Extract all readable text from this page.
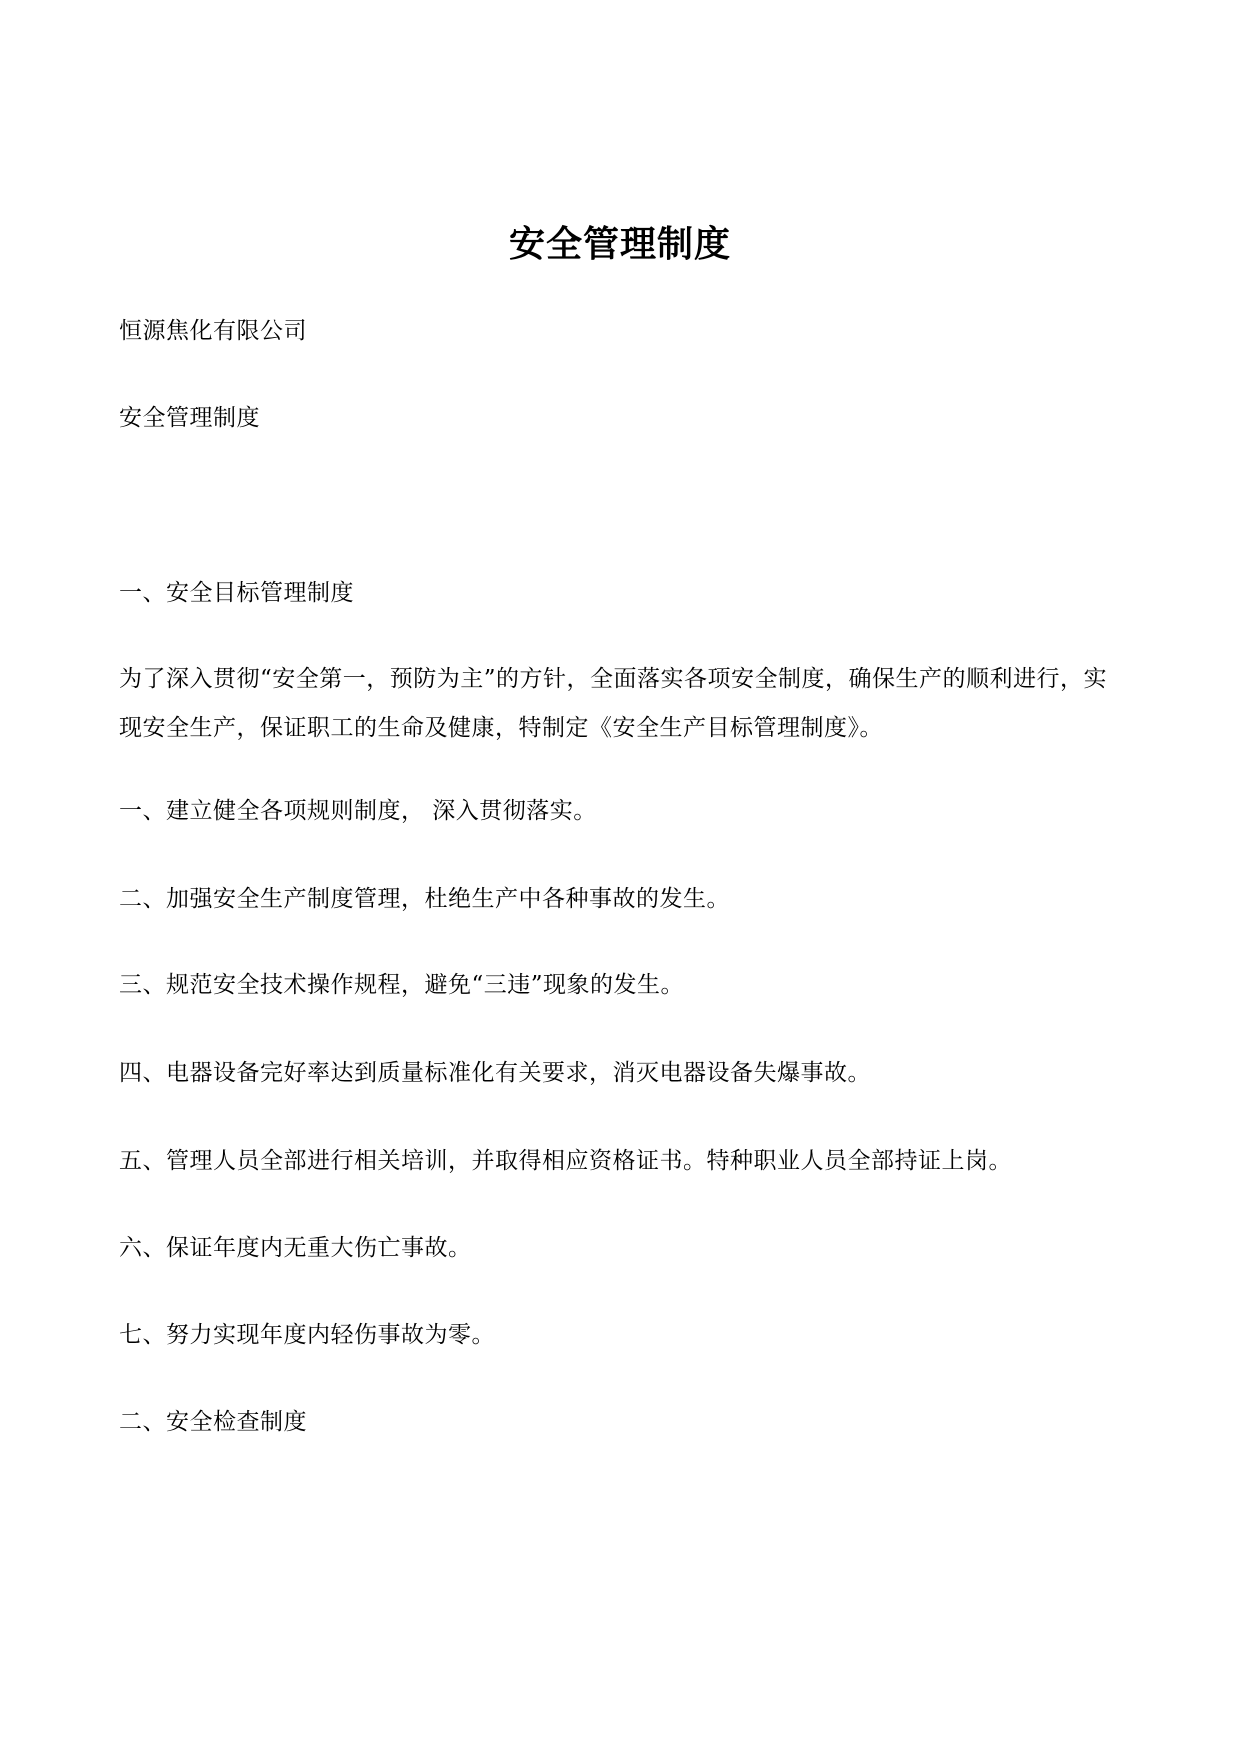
安全管理制度
恒源焦化有限公司
安全管理制度
一、安全目标管理制度
为了深入贯彻“安全第一，预防为主”的方针，全面落实各项安全制度，确保生产的顺利进行，实现安全生产，保证职工的生命及健康，特制定《安全生产目标管理制度》。
一、建立健全各项规则制度， 深入贯彻落实。
二、加强安全生产制度管理，杜绝生产中各种事故的发生。
三、规范安全技术操作规程，避免“三违”现象的发生。
四、电器设备完好率达到质量标准化有关要求，消灭电器设备失爆事故。
五、管理人员全部进行相关培训，并取得相应资格证书。特种职业人员全部持证上岗。
六、保证年度内无重大伤亡事故。
七、努力实现年度内轻伤事故为零。
二、安全检查制度
